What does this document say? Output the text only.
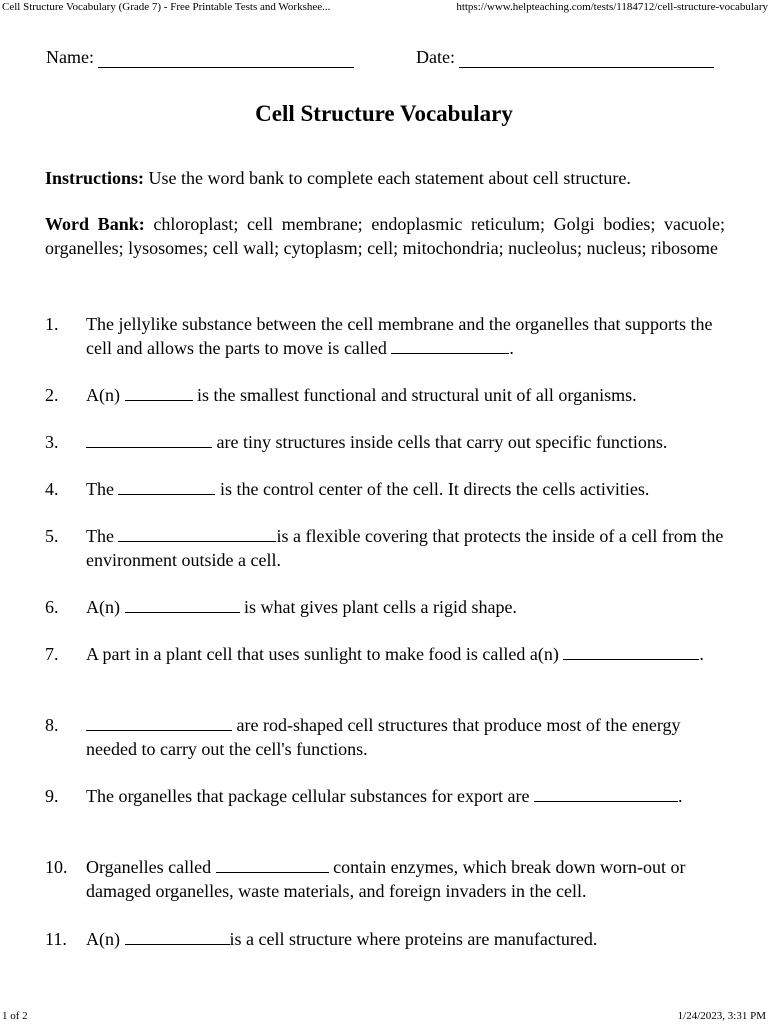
Cell Structure Vocabulary (Grade 7) - Free Printable Tests and Workshee...	https://www.helpteaching.com/tests/1184712/cell-structure-vocabulary
Name:	Date:
Cell Structure Vocabulary
Instructions: Use the word bank to complete each statement about cell structure.
Word Bank: chloroplast; cell membrane; endoplasmic reticulum; Golgi bodies; vacuole; organelles; lysosomes; cell wall; cytoplasm; cell; mitochondria; nucleolus; nucleus; ribosome
1. The jellylike substance between the cell membrane and the organelles that supports the cell and allows the parts to move is called	.
2. A(n)	is the smallest functional and structural unit of all organisms.
3.	are tiny structures inside cells that carry out specific functions.
4. The	is the control center of the cell. It directs the cells activities.
5. The	is a flexible covering that protects the inside of a cell from the environment outside a cell.
6. A(n)	is what gives plant cells a rigid shape.
7. A part in a plant cell that uses sunlight to make food is called a(n)	.
8.	are rod-shaped cell structures that produce most of the energy needed to carry out the cell's functions.
9. The organelles that package cellular substances for export are	.
10. Organelles called	contain enzymes, which break down worn-out or damaged organelles, waste materials, and foreign invaders in the cell.
11. A(n)	is a cell structure where proteins are manufactured.
1 of 2	1/24/2023, 3:31 PM
